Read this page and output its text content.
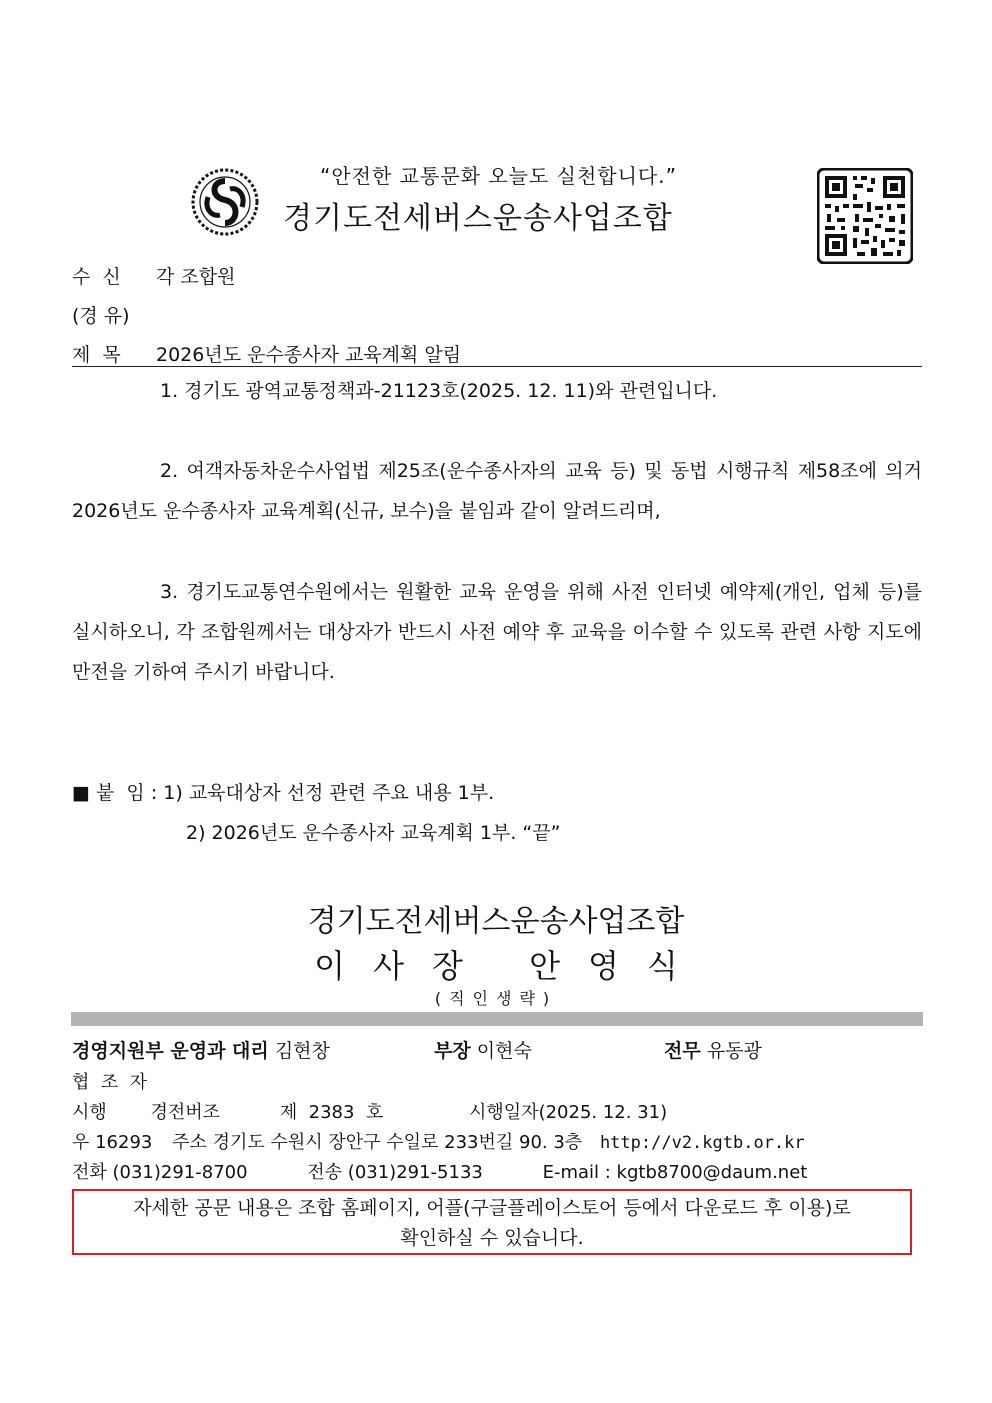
“안전한 교통문화 오늘도 실천합니다.”
경기도전세버스운송사업조합
수  신 각 조합원
(경 유)
제  목 2026년도 운수종사자 교육계획 알림

1. 경기도 광역교통정책과-21123호(2025. 12. 11)와 관련입니다.

2. 여객자동차운수사업법 제25조(운수종사자의 교육 등) 및 동법 시행규칙 제58조에 의거 2026년도 운수종사자 교육계획(신규, 보수)을 붙임과 같이 알려드리며,

3. 경기도교통연수원에서는 원활한 교육 운영을 위해 사전 인터넷 예약제(개인, 업체 등)를 실시하오니, 각 조합원께서는 대상자가 반드시 사전 예약 후 교육을 이수할 수 있도록 관련 사항 지도에 만전을 기하여 주시기 바랍니다.

■ 붙  임 : 1) 교육대상자 선정 관련 주요 내용 1부.
2) 2026년도 운수종사자 교육계획 1부. “끝”
경기도전세버스운송사업조합
이사장 안영식
(직인생략)
경영지원부 운영과 대리 김현창	부장 이현숙	전무 유동광
협  조  자
시행 경전버조	제  2383  호	시행일자(2025. 12. 31)
우 16293 주소 경기도 수원시 장안구 수일로 233번길 90. 3층 http://v2.kgtb.or.kr
전화 (031)291-8700	전송 (031)291-5133	E-mail : kgtb8700@daum.net
자세한 공문 내용은 조합 홈페이지, 어플(구글플레이스토어 등에서 다운로드 후 이용)로
확인하실 수 있습니다.
